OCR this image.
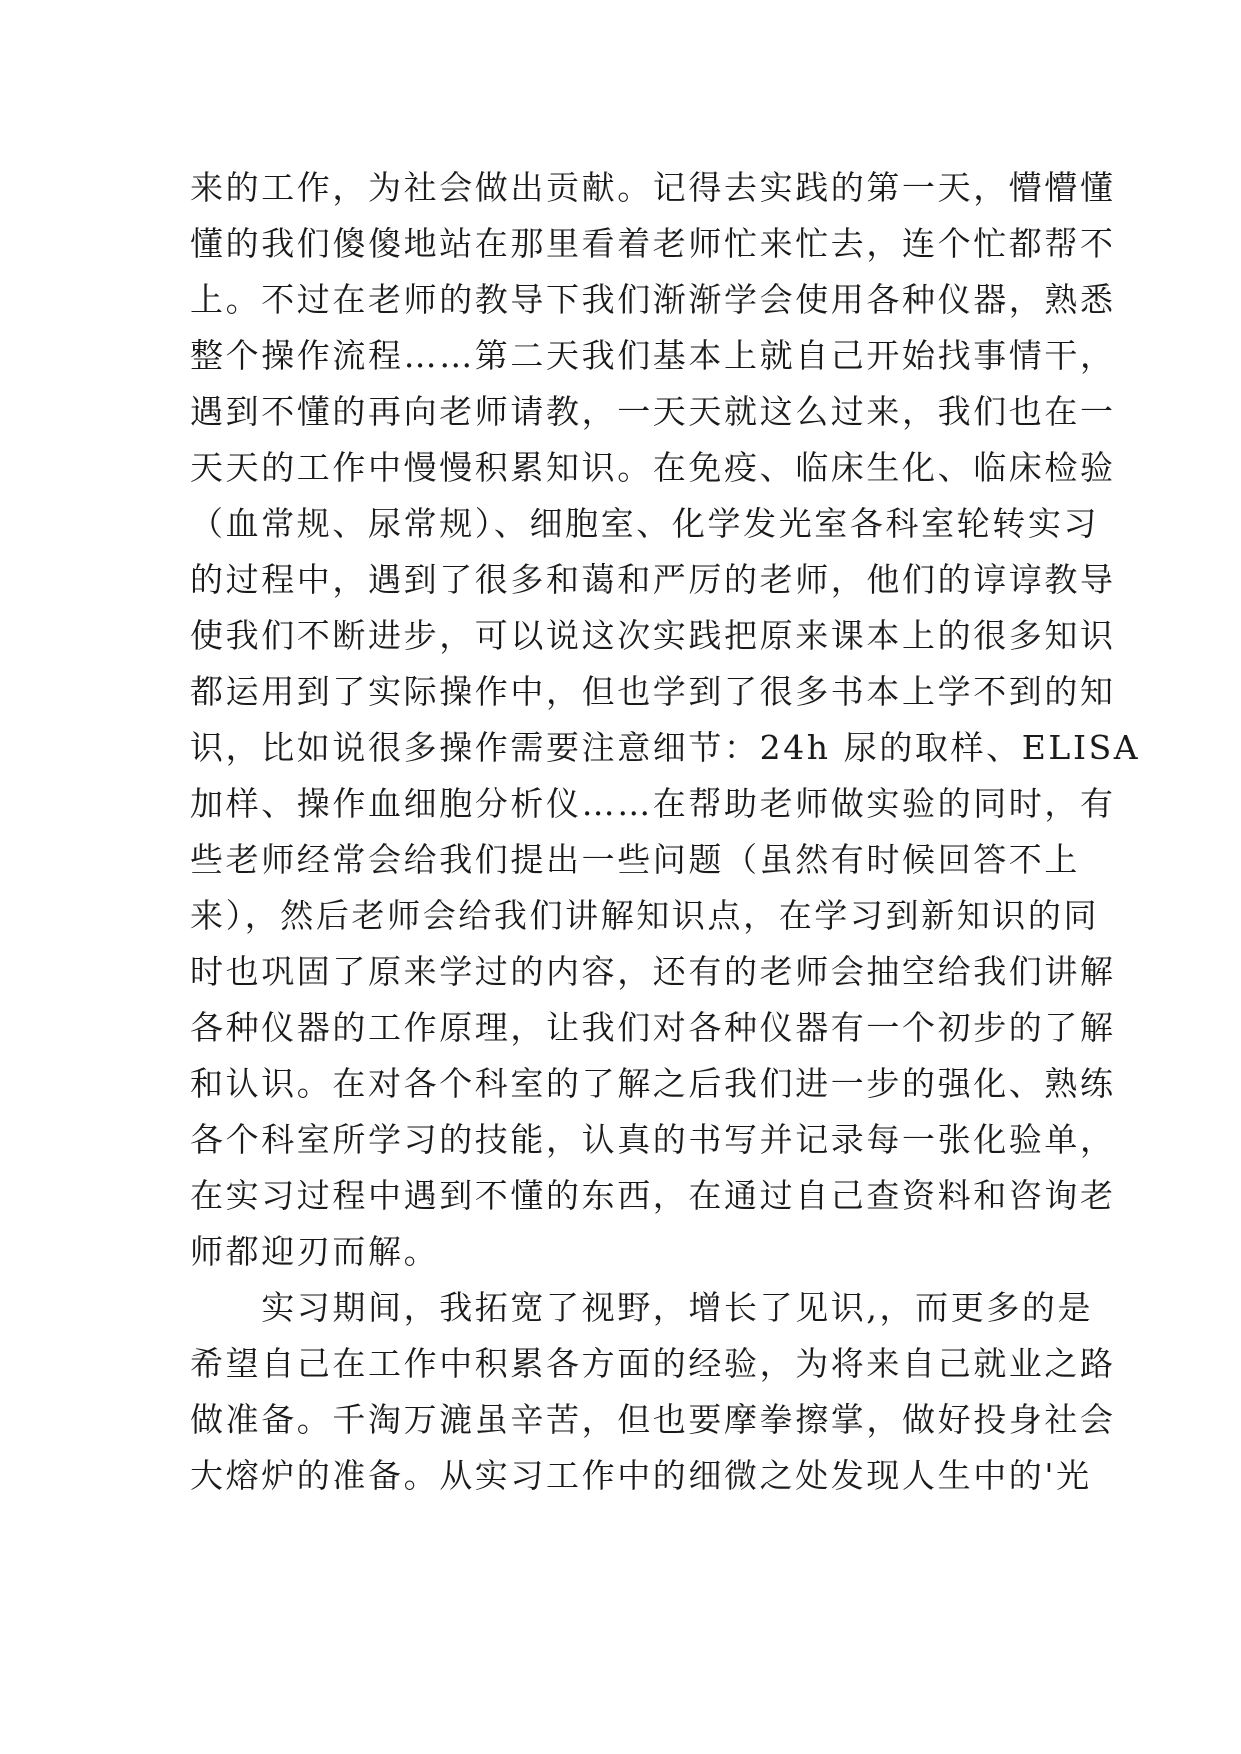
来的工作，为社会做出贡献。记得去实践的第一天，懵懵懂
懂的我们傻傻地站在那里看着老师忙来忙去，连个忙都帮不
上。不过在老师的教导下我们渐渐学会使用各种仪器，熟悉
整个操作流程……第二天我们基本上就自己开始找事情干，
遇到不懂的再向老师请教，一天天就这么过来，我们也在一
天天的工作中慢慢积累知识。在免疫、临床生化、临床检验
（血常规、尿常规）、细胞室、化学发光室各科室轮转实习
的过程中，遇到了很多和蔼和严厉的老师，他们的谆谆教导
使我们不断进步，可以说这次实践把原来课本上的很多知识
都运用到了实际操作中，但也学到了很多书本上学不到的知
识，比如说很多操作需要注意细节：24h 尿的取样、ELISA
加样、操作血细胞分析仪……在帮助老师做实验的同时，有
些老师经常会给我们提出一些问题（虽然有时候回答不上
来），然后老师会给我们讲解知识点，在学习到新知识的同
时也巩固了原来学过的内容，还有的老师会抽空给我们讲解
各种仪器的工作原理，让我们对各种仪器有一个初步的了解
和认识。在对各个科室的了解之后我们进一步的强化、熟练
各个科室所学习的技能，认真的书写并记录每一张化验单，
在实习过程中遇到不懂的东西，在通过自己查资料和咨询老
师都迎刃而解。
　　实习期间，我拓宽了视野，增长了见识,，而更多的是
希望自己在工作中积累各方面的经验，为将来自己就业之路
做准备。千淘万漉虽辛苦，但也要摩拳擦掌，做好投身社会
大熔炉的准备。从实习工作中的细微之处发现人生中的'光
